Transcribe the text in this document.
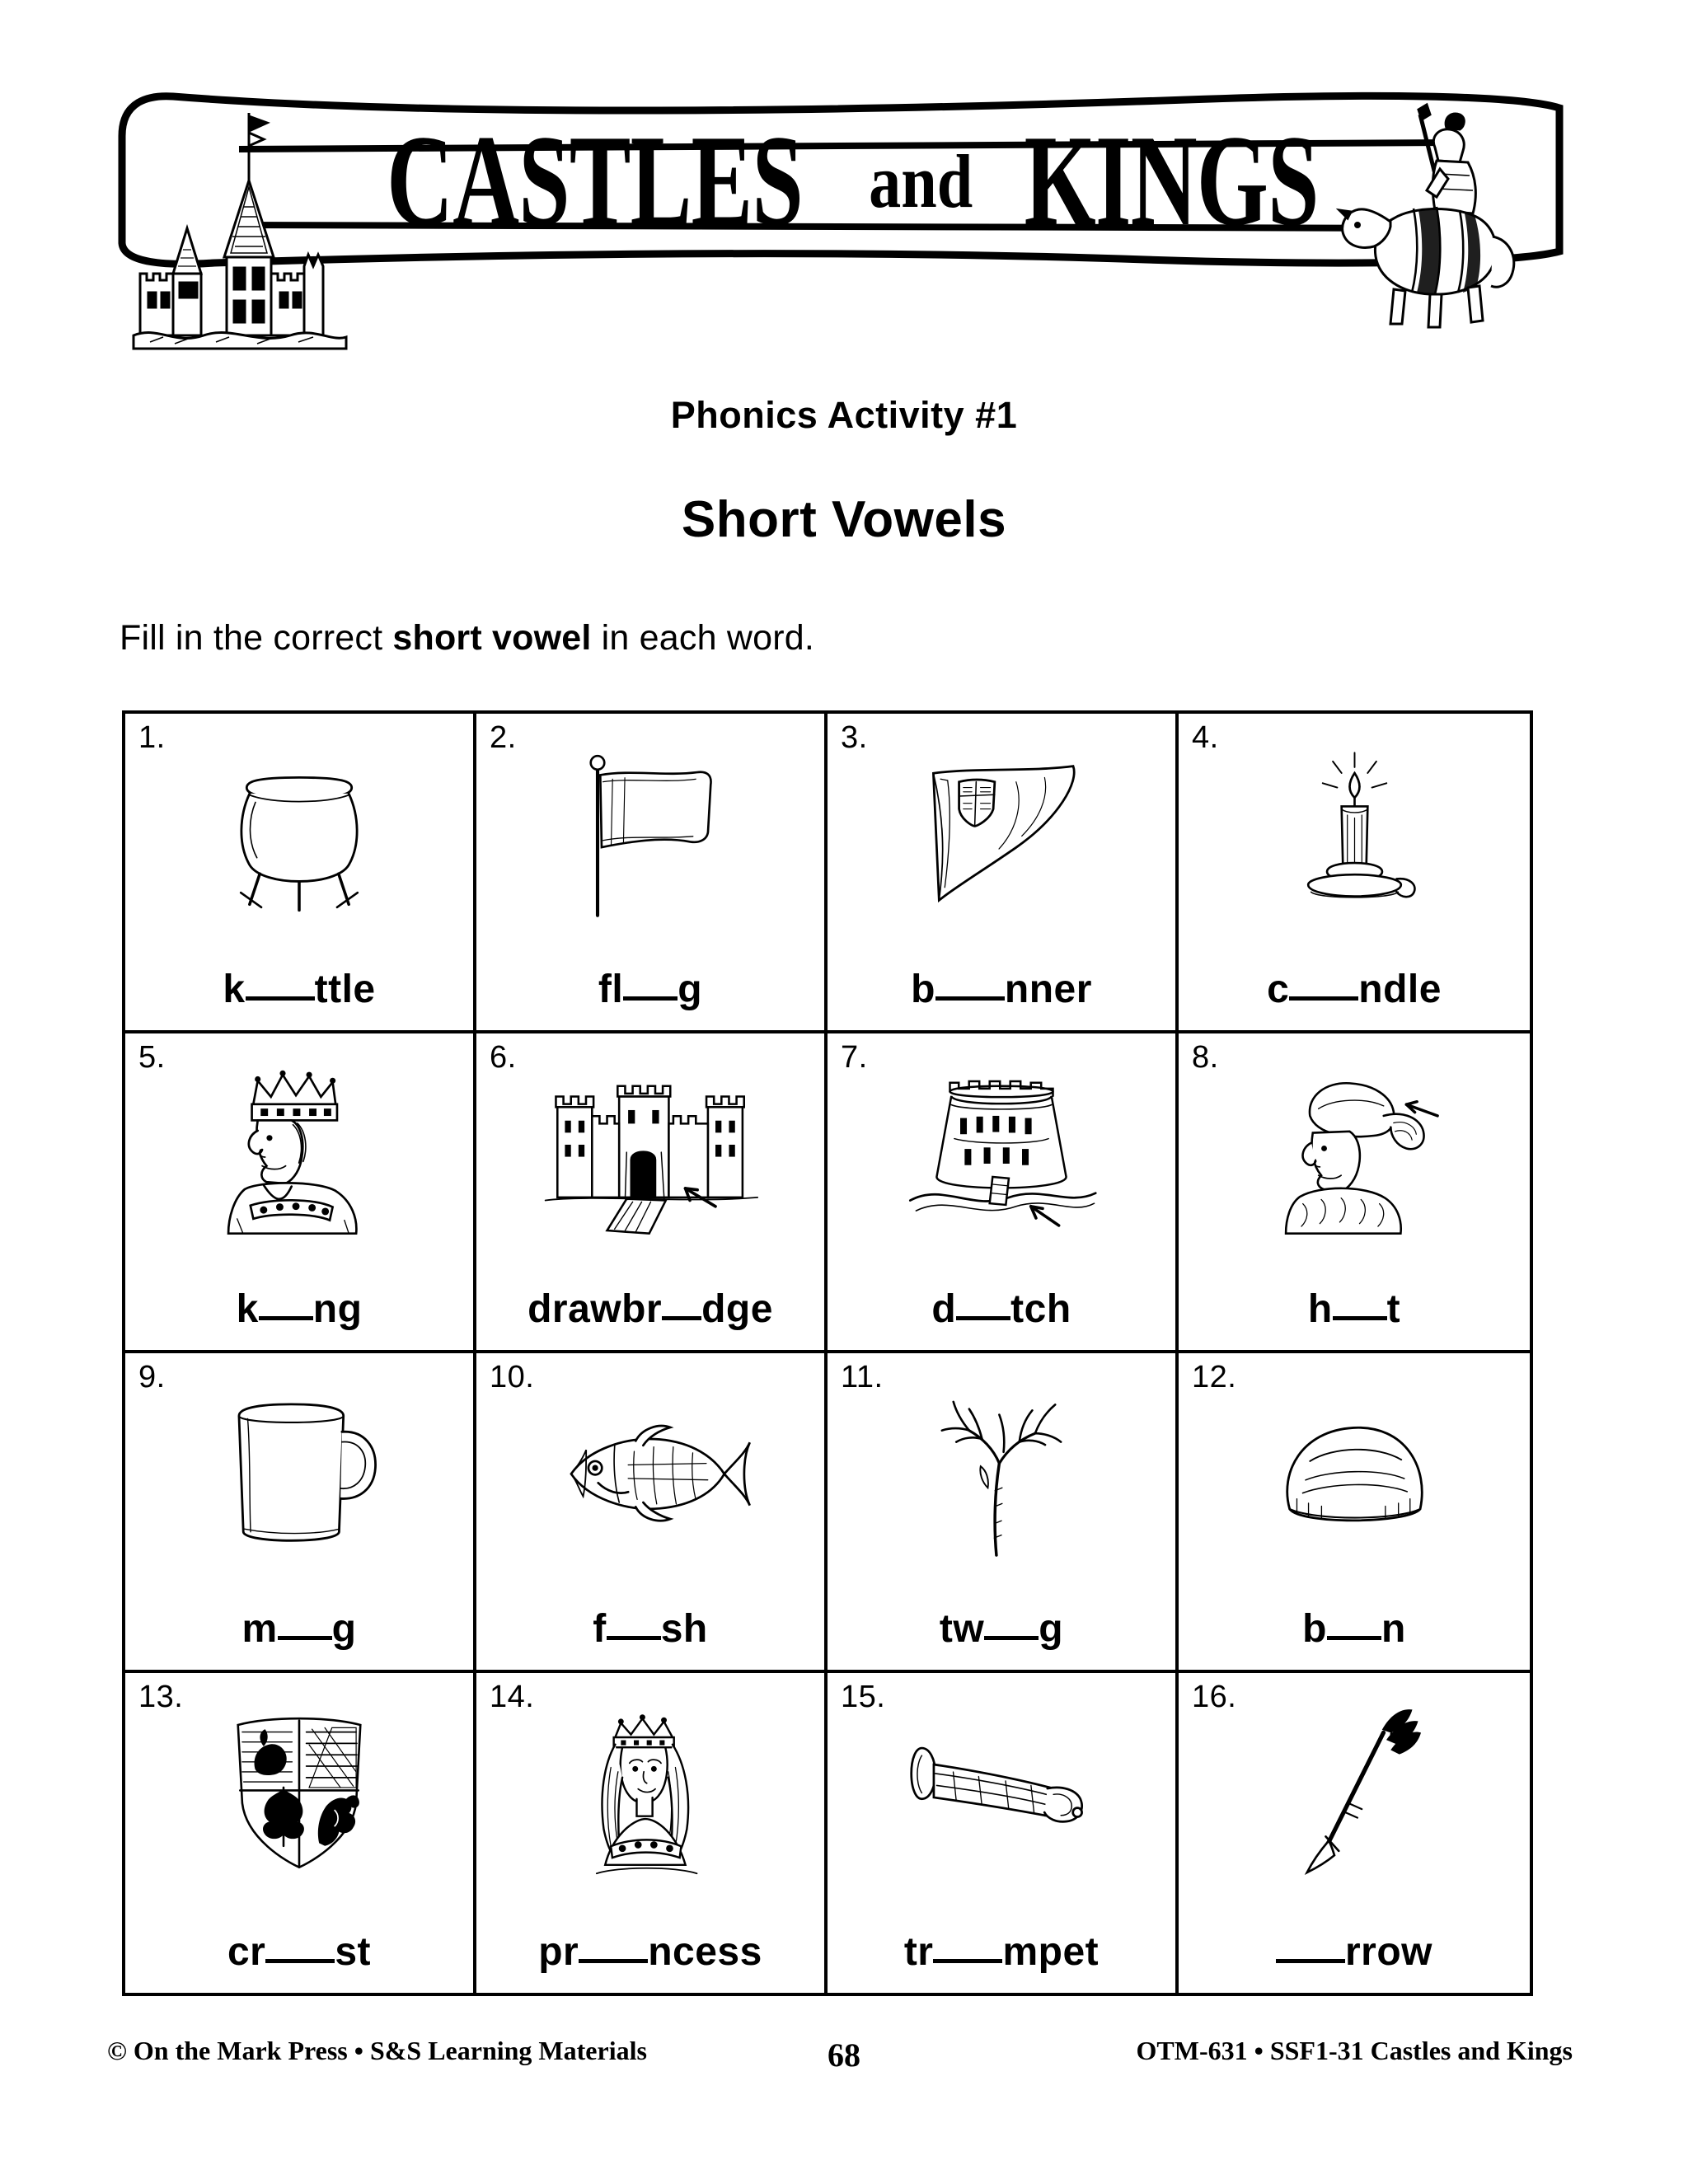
CASTLES and KINGS
Phonics Activity #1
Short Vowels
Fill in the correct short vowel in each word.
1.
k ttle
2.
fl g
3.
b nner
4.
c ndle
5.
k ng
6.
drawbr dge
7.
d tch
8.
h t
9.
m g
10.
f sh
11.
tw g
12.
b n
13.
cr st
14.
pr ncess
15.
tr mpet
16.
rrow
© On the Mark Press • S&S Learning Materials	68	OTM-631 • SSF1-31 Castles and Kings
